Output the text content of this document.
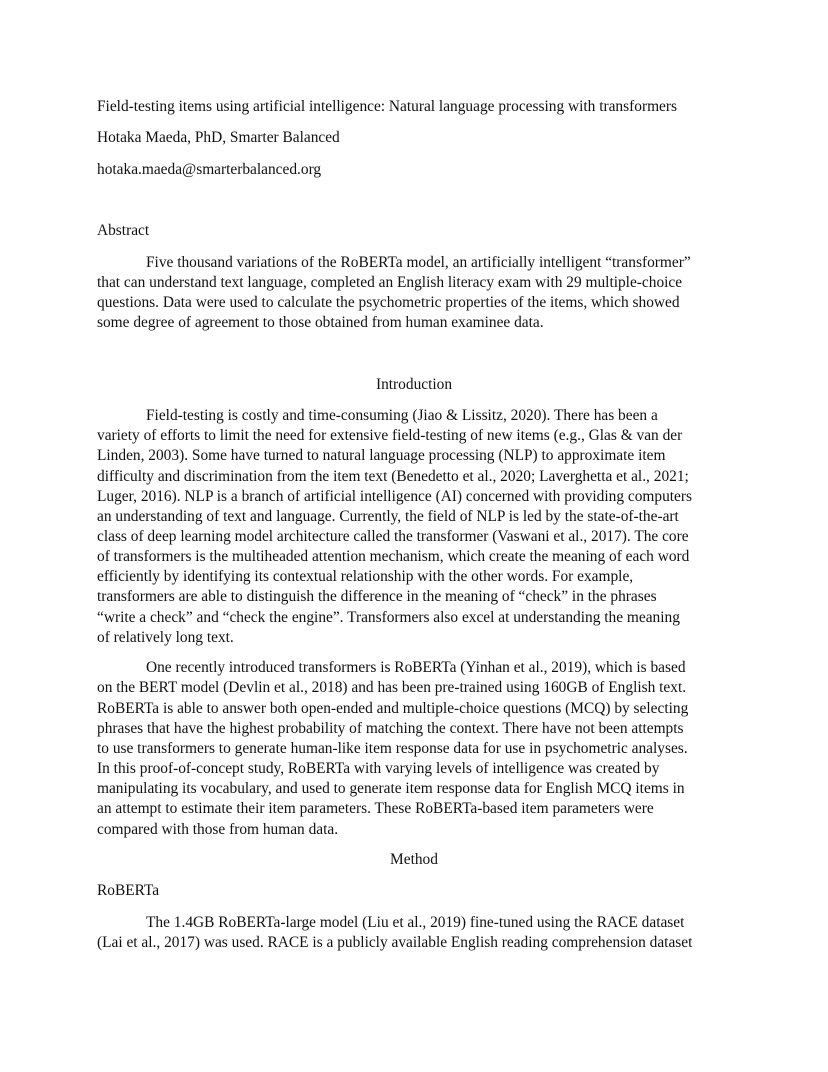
Field-testing items using artificial intelligence: Natural language processing with transformers
Hotaka Maeda, PhD, Smarter Balanced
hotaka.maeda@smarterbalanced.org
Abstract
Five thousand variations of the RoBERTa model, an artificially intelligent “transformer”
that can understand text language, completed an English literacy exam with 29 multiple-choice
questions. Data were used to calculate the psychometric properties of the items, which showed
some degree of agreement to those obtained from human examinee data.
Introduction
Field-testing is costly and time-consuming (Jiao & Lissitz, 2020). There has been a
variety of efforts to limit the need for extensive field-testing of new items (e.g., Glas & van der
Linden, 2003). Some have turned to natural language processing (NLP) to approximate item
difficulty and discrimination from the item text (Benedetto et al., 2020; Laverghetta et al., 2021;
Luger, 2016). NLP is a branch of artificial intelligence (AI) concerned with providing computers
an understanding of text and language. Currently, the field of NLP is led by the state-of-the-art
class of deep learning model architecture called the transformer (Vaswani et al., 2017). The core
of transformers is the multiheaded attention mechanism, which create the meaning of each word
efficiently by identifying its contextual relationship with the other words. For example,
transformers are able to distinguish the difference in the meaning of “check” in the phrases
“write a check” and “check the engine”. Transformers also excel at understanding the meaning
of relatively long text.
One recently introduced transformers is RoBERTa (Yinhan et al., 2019), which is based
on the BERT model (Devlin et al., 2018) and has been pre-trained using 160GB of English text.
RoBERTa is able to answer both open-ended and multiple-choice questions (MCQ) by selecting
phrases that have the highest probability of matching the context. There have not been attempts
to use transformers to generate human-like item response data for use in psychometric analyses.
In this proof-of-concept study, RoBERTa with varying levels of intelligence was created by
manipulating its vocabulary, and used to generate item response data for English MCQ items in
an attempt to estimate their item parameters. These RoBERTa-based item parameters were
compared with those from human data.
Method
RoBERTa
The 1.4GB RoBERTa-large model (Liu et al., 2019) fine-tuned using the RACE dataset
(Lai et al., 2017) was used. RACE is a publicly available English reading comprehension dataset
